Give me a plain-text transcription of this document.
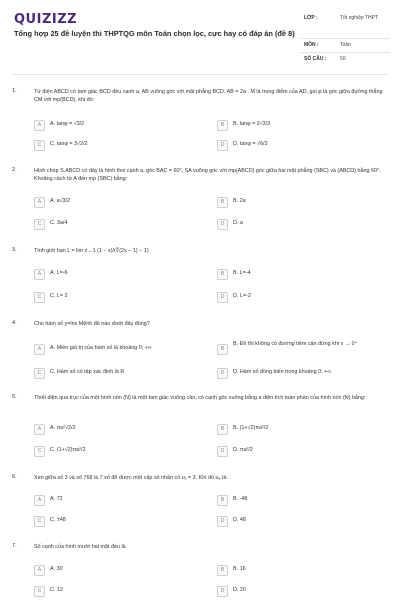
QUIZIZZ
Tổng hợp 25 đề luyện thi THPTQG môn Toán chọn lọc, cực hay có đáp án (đề 8)
LỚP :	Tốt nghiệp THPT
MÔN :	Toán
SỐ CÂU :	50
1.	Tứ diện ABCD có tam giác BCD đều cạnh a, AB vuông góc với mặt phẳng BCD, AB = 2a . M là trung điểm của AD, gọi φ là góc giữa đường thẳng CM với mp(BCD), khi đó:
A	A. tanφ = √3/2	B	B. tanφ = 2√3/3
C	C. tanφ = 3√2/2	D	D. tanφ = √6/3
2.	Hình chóp S.ABCD có đáy là hình thoi cạnh a, góc BAC = 60°, SA vuông góc với mp(ABCD) góc giữa hai mặt phẳng (SBC) và (ABCD) bằng 60°. Khoảng cách từ A đến mp (SBC) bằng:
A	A. a√3/2	B	B. 2a
C	C. 3a/4	D	D. a
3.	Tính giới hạn L = lim x→1 (1 − x)/(∛(2x − 1) − 1)
A	A. L=-6	B	B. L=-4
C	C. L= 2	D	D. L=-2
4.	Cho hàm số y=lnx Mệnh đề nào dưới đây đúng?
A	A. Miền giá trị của hàm số là khoảng 0; +∞	B
B. Đồ thị không có đường tiệm cận đứng khi x → 0⁺
C	C. Hàm số có tập xác định là R	D	D. Hàm số đồng biến trong khoảng 0; +∞
5.	Thiết diện qua trục của một hình nón (N) là một tam giác vuông cân, có cạnh góc vuông bằng a diện tích toàn phần của hình nón (N) bằng:
A	A. πa²√2/2	B	B. (1+√2)πa²/2
C	C. (1+√2)πa²/2	D	D. πa²/2
6.	Xen giữa số 3 và số 768 là 7 số để được một cấp số nhân có u₁ = 3. Khi đó u₈ là:
A	A. 72	B	B. -48
C	C. ±48	D	D. 48
7.	Số cạnh của hình mười hai mặt đều là
A	A. 30	B	B. 16
C	C. 12	D	D. 20
